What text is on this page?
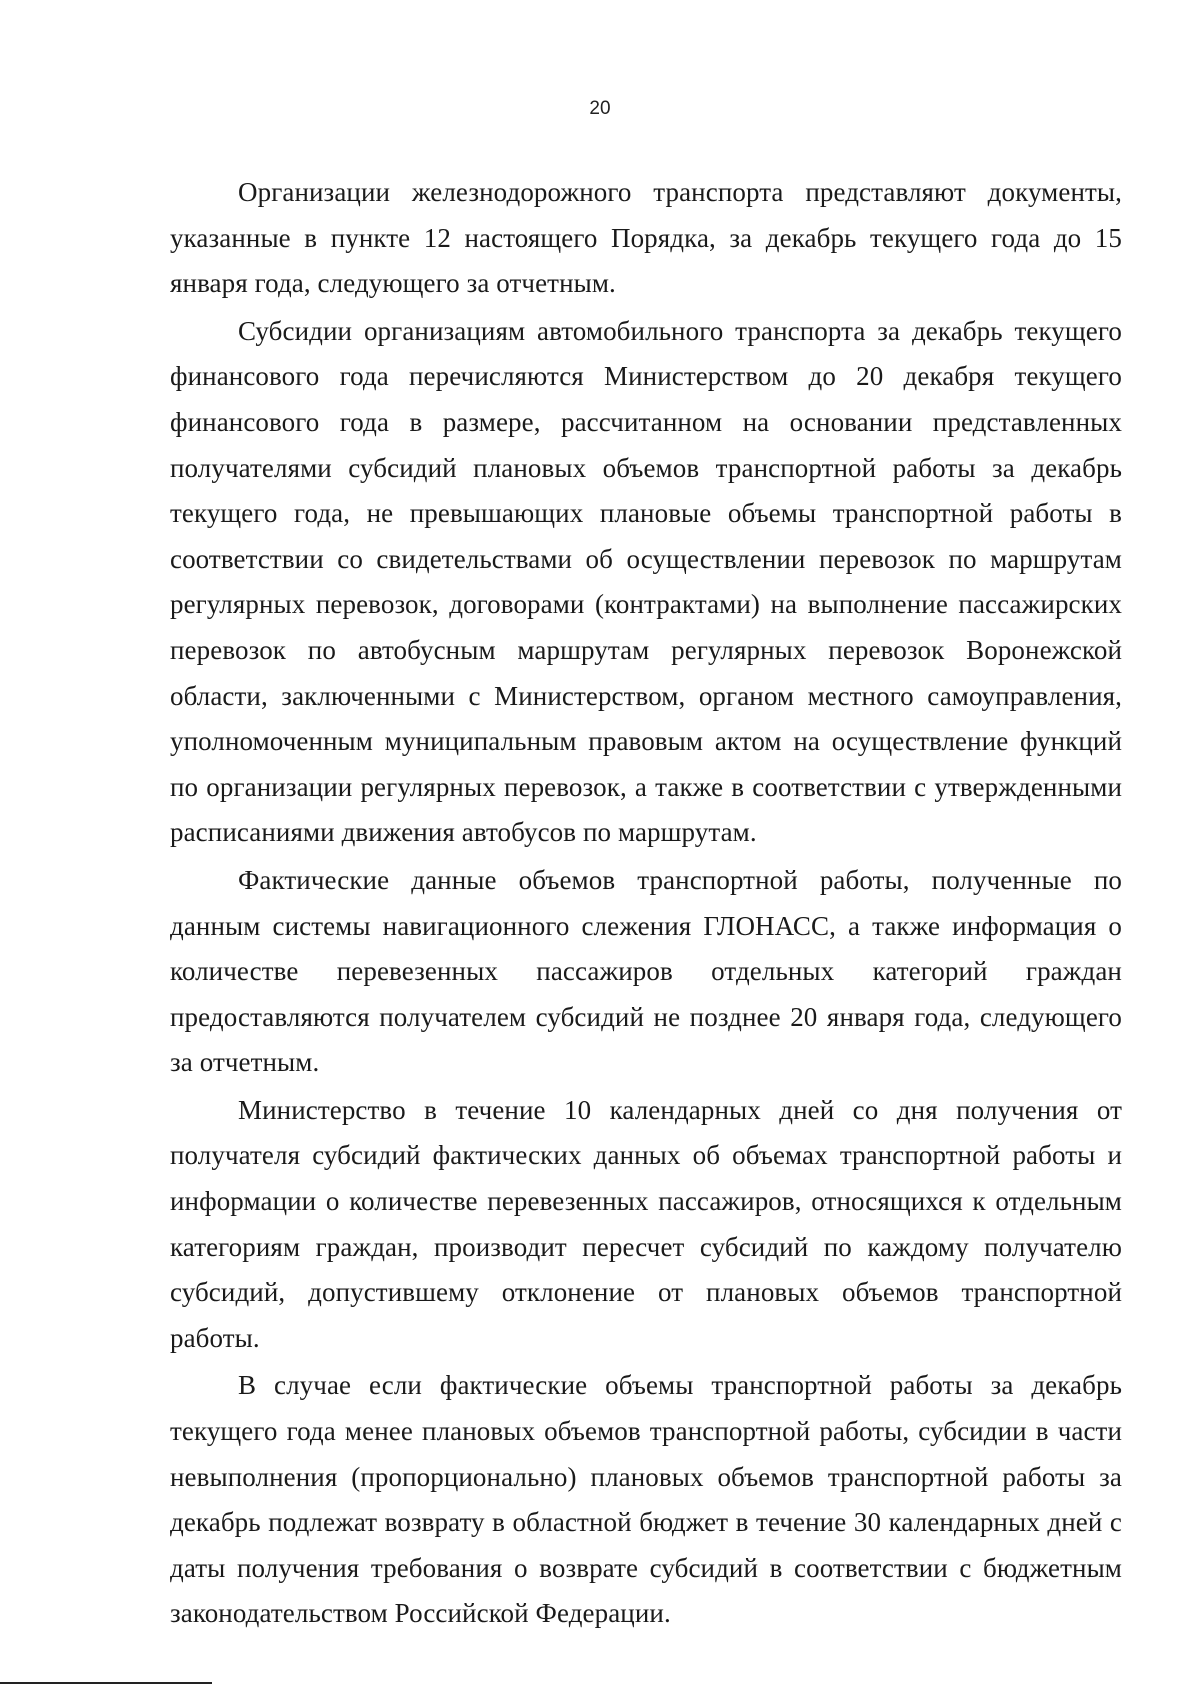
20

Организации железнодорожного транспорта представляют документы, указанные в пункте 12 настоящего Порядка, за декабрь текущего года до 15 января года, следующего за отчетным.

Субсидии организациям автомобильного транспорта за декабрь текущего финансового года перечисляются Министерством до 20 декабря текущего финансового года в размере, рассчитанном на основании представленных получателями субсидий плановых объемов транспортной работы за декабрь текущего года, не превышающих плановые объемы транспортной работы в соответствии со свидетельствами об осуществлении перевозок по маршрутам регулярных перевозок, договорами (контрактами) на выполнение пассажирских перевозок по автобусным маршрутам регулярных перевозок Воронежской области, заключенными с Министерством, органом местного самоуправления, уполномоченным муниципальным правовым актом на осуществление функций по организации регулярных перевозок, а также в соответствии с утвержденными расписаниями движения автобусов по маршрутам.

Фактические данные объемов транспортной работы, полученные по данным системы навигационного слежения ГЛОНАСС, а также информация о количестве перевезенных пассажиров отдельных категорий граждан предоставляются получателем субсидий не позднее 20 января года, следующего за отчетным.

Министерство в течение 10 календарных дней со дня получения от получателя субсидий фактических данных об объемах транспортной работы и информации о количестве перевезенных пассажиров, относящихся к отдельным категориям граждан, производит пересчет субсидий по каждому получателю субсидий, допустившему отклонение от плановых объемов транспортной работы.

В случае если фактические объемы транспортной работы за декабрь текущего года менее плановых объемов транспортной работы, субсидии в части невыполнения (пропорционально) плановых объемов транспортной работы за декабрь подлежат возврату в областной бюджет в течение 30 календарных дней с даты получения требования о возврате субсидий в соответствии с бюджетным законодательством Российской Федерации.
